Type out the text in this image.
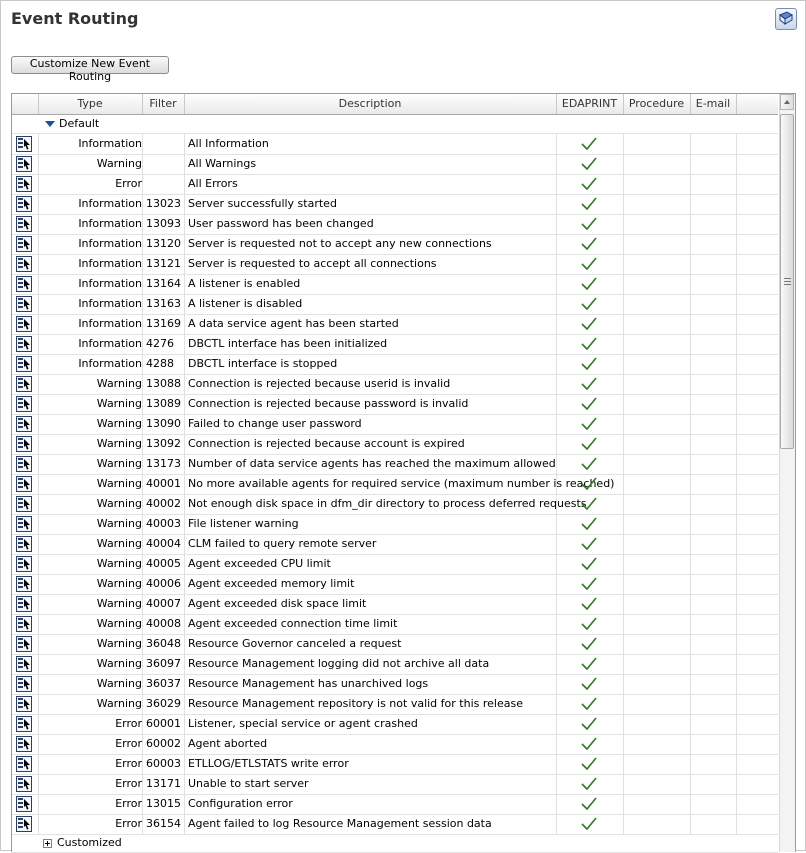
Event Routing
Customize New Event Routing
Type	Filter	Description	EDAPRINT	Procedure	E-mail
Default
Information	All Information
Warning	All Warnings
Error	All Errors
Information 13023 Server successfully started
Information 13093 User password has been changed
Information 13120 Server is requested not to accept any new connections
Information 13121 Server is requested to accept all connections
Information 13164 A listener is enabled
Information 13163 A listener is disabled
Information 13169 A data service agent has been started
Information 4276	DBCTL interface has been initialized
Information 4288	DBCTL interface is stopped
Warning 13088 Connection is rejected because userid is invalid
Warning 13089 Connection is rejected because password is invalid
Warning 13090 Failed to change user password
Warning 13092 Connection is rejected because account is expired
Warning 13173 Number of data service agents has reached the maximum allowed
Warning 40001 No more available agents for required service (maximum number is reached)
Warning 40002 Not enough disk space in dfm_dir directory to process deferred requests
Warning 40003 File listener warning
Warning 40004 CLM failed to query remote server
Warning 40005 Agent exceeded CPU limit
Warning 40006 Agent exceeded memory limit
Warning 40007 Agent exceeded disk space limit
Warning 40008 Agent exceeded connection time limit
Warning 36048 Resource Governor canceled a request
Warning 36097 Resource Management logging did not archive all data
Warning 36037 Resource Management has unarchived logs
Warning 36029 Resource Management repository is not valid for this release
Error 60001 Listener, special service or agent crashed
Error 60002 Agent aborted
Error 60003 ETLLOG/ETLSTATS write error
Error 13171 Unable to start server
Error 13015 Configuration error
Error 36154 Agent failed to log Resource Management session data
Customized
